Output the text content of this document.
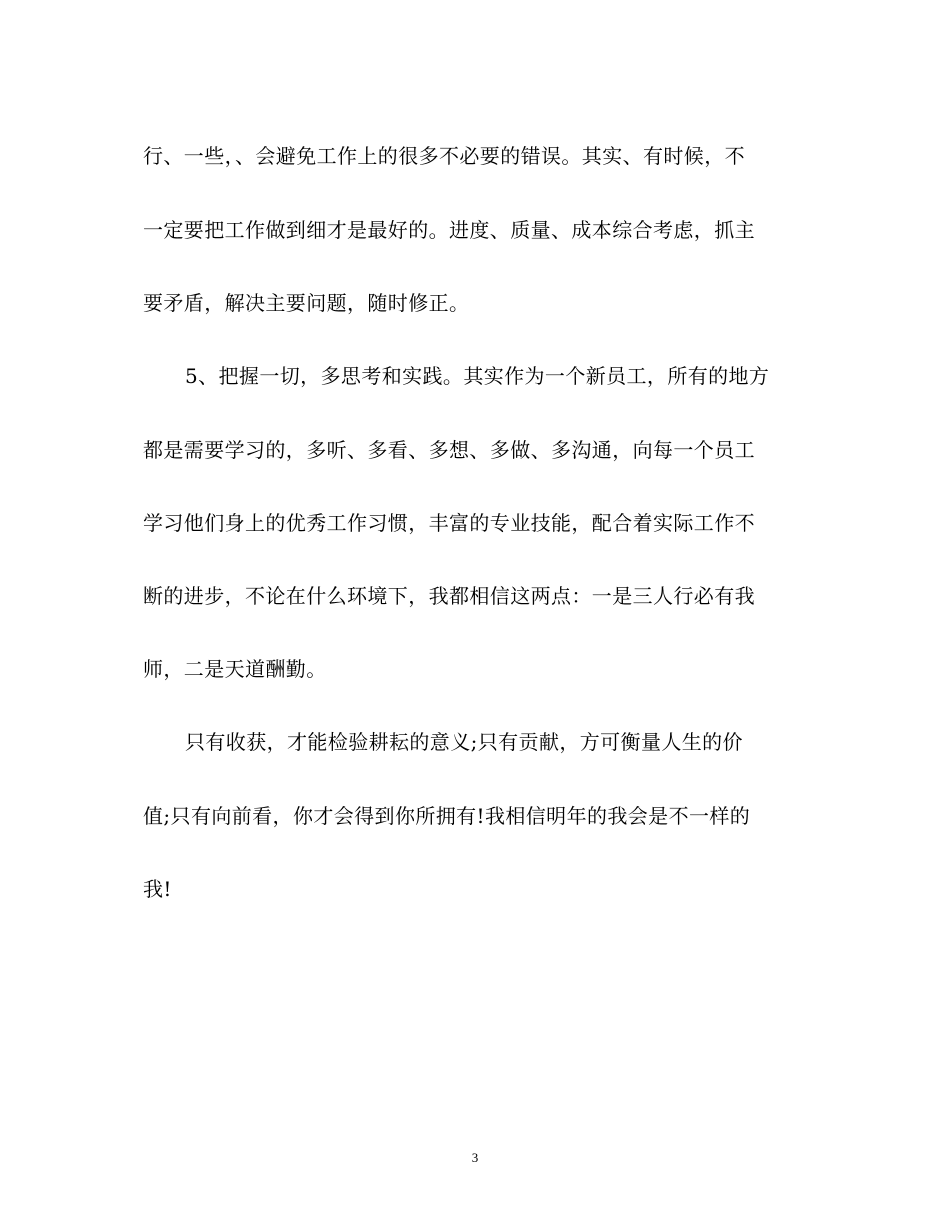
行、一些，、会避免工作上的很多不必要的错误。其实、有时候，不
一定要把工作做到细才是最好的。进度、质量、成本综合考虑，抓主
要矛盾，解决主要问题，随时修正。
5、把握一切，多思考和实践。其实作为一个新员工，所有的地方
都是需要学习的，多听、多看、多想、多做、多沟通，向每一个员工
学习他们身上的优秀工作习惯，丰富的专业技能，配合着实际工作不
断的进步，不论在什么环境下，我都相信这两点：一是三人行必有我
师，二是天道酬勤。
只有收获，才能检验耕耘的意义;只有贡献，方可衡量人生的价
值;只有向前看，你才会得到你所拥有!我相信明年的我会是不一样的
我!
3
